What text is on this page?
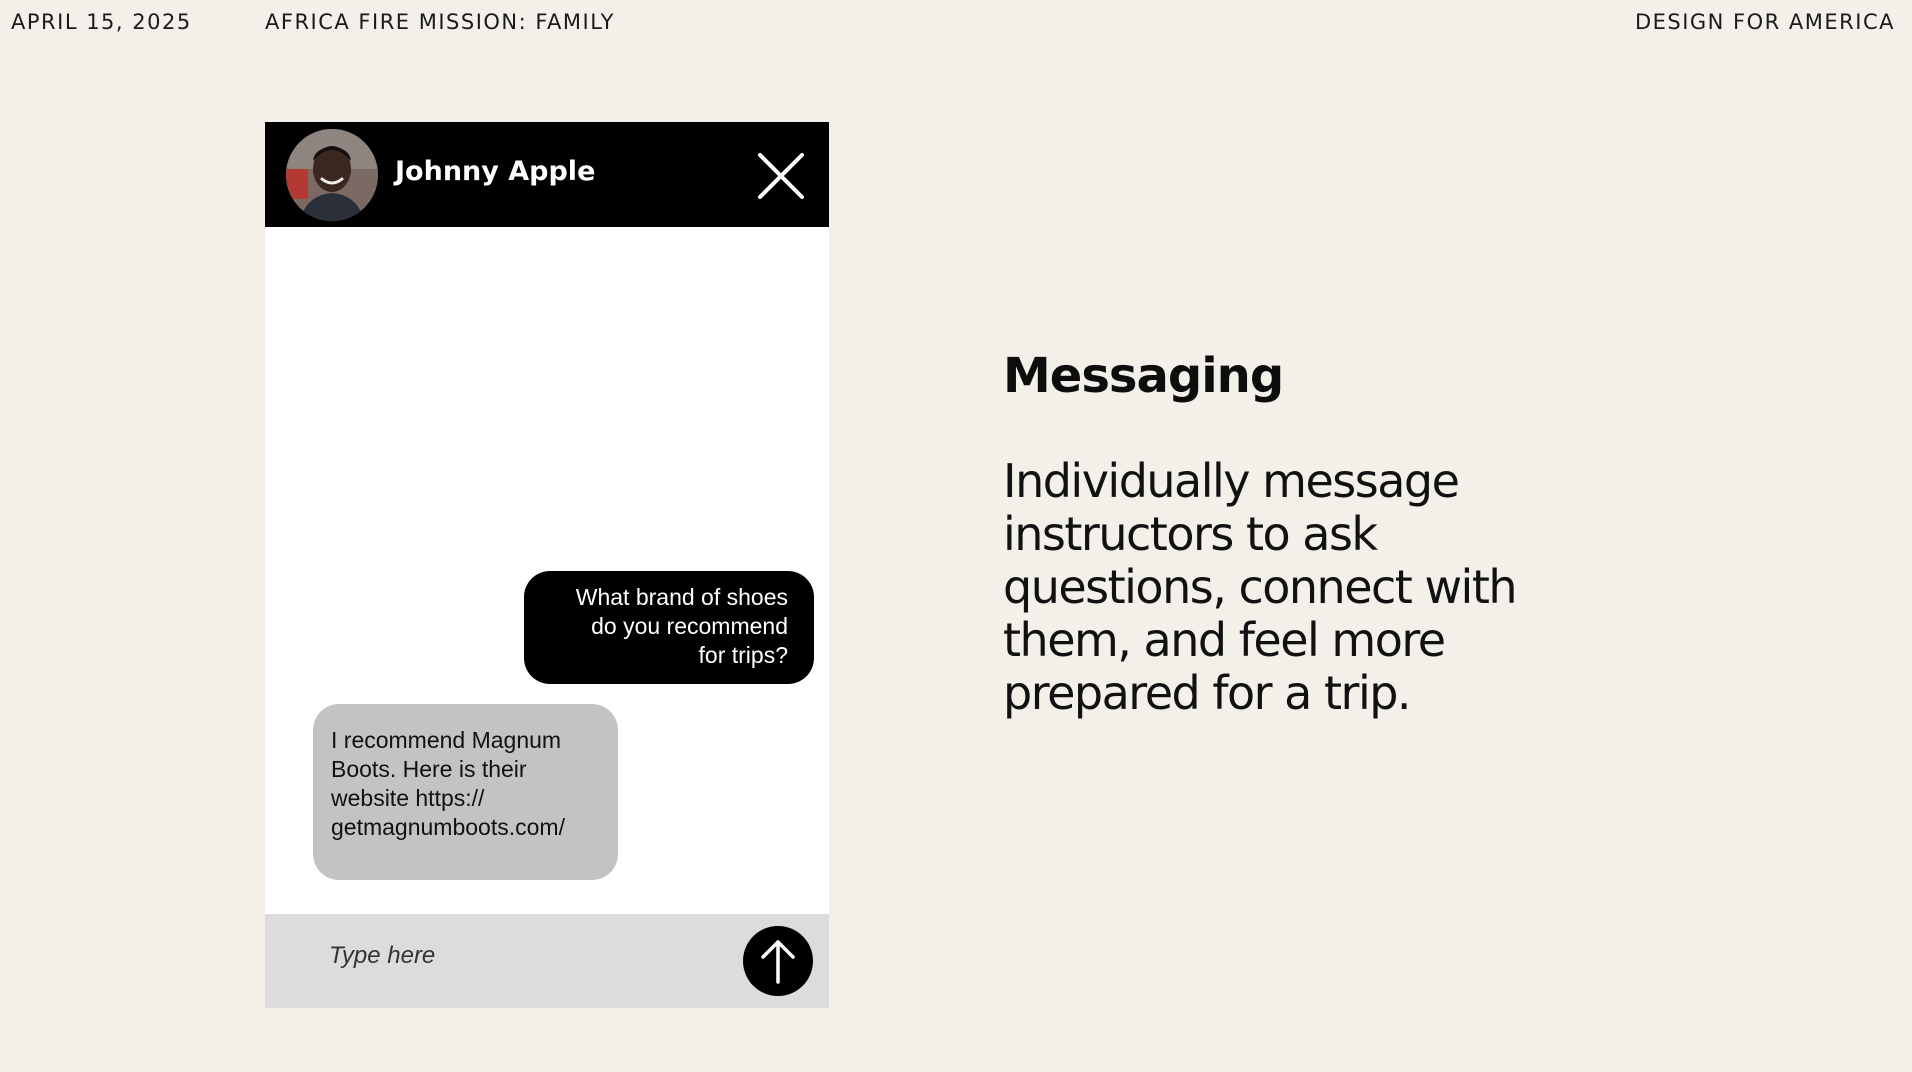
APRIL 15, 2025	AFRICA FIRE MISSION: FAMILY	DESIGN FOR AMERICA
Johnny Apple
What brand of shoes
do you recommend
for trips?
I recommend Magnum
Boots. Here is their
website https://
getmagnumboots.com/
Type here
Messaging
Individually message
instructors to ask
questions, connect with
them, and feel more
prepared for a trip.
